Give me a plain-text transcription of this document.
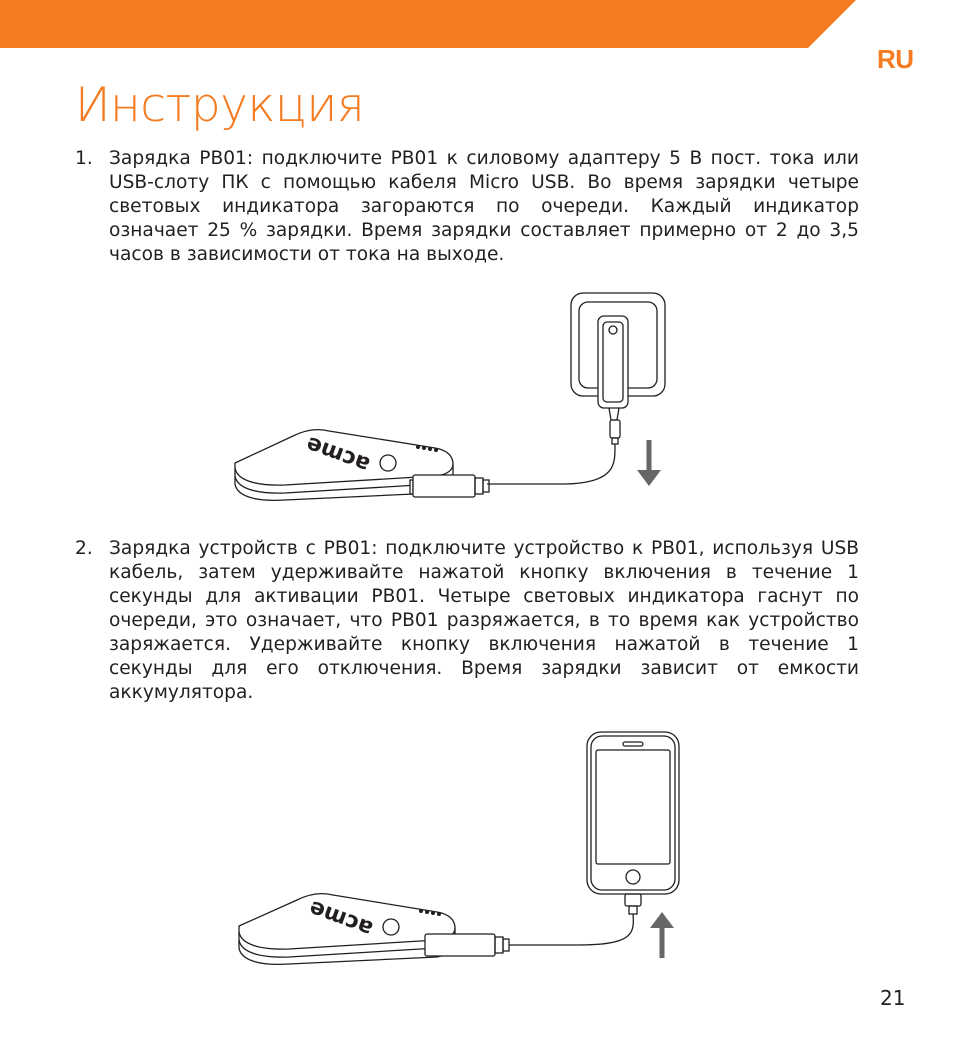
RU
Инструкция
1. Зарядка PB01: подключите PB01 к силовому адаптеру 5 В пост. тока или USB-слоту ПК с помощью кабеля Micro USB. Во время зарядки четыре световых индикатора загораются по очереди. Каждый индикатор означает 25 % зарядки. Время зарядки составляет примерно от 2 до 3,5 часов в зависимости от тока на выходе.
acme
2. Зарядка устройств с PB01: подключите устройство к PB01, используя USB кабель, затем удерживайте нажатой кнопку включения в течение 1 секунды для активации PB01. Четыре световых индикатора гаснут по очереди, это означает, что PB01 разряжается, в то время как устройство заряжается. Удерживайте кнопку включения нажатой в течение 1 секунды для его отключения. Время зарядки зависит от емкости аккумулятора.
acme
21
